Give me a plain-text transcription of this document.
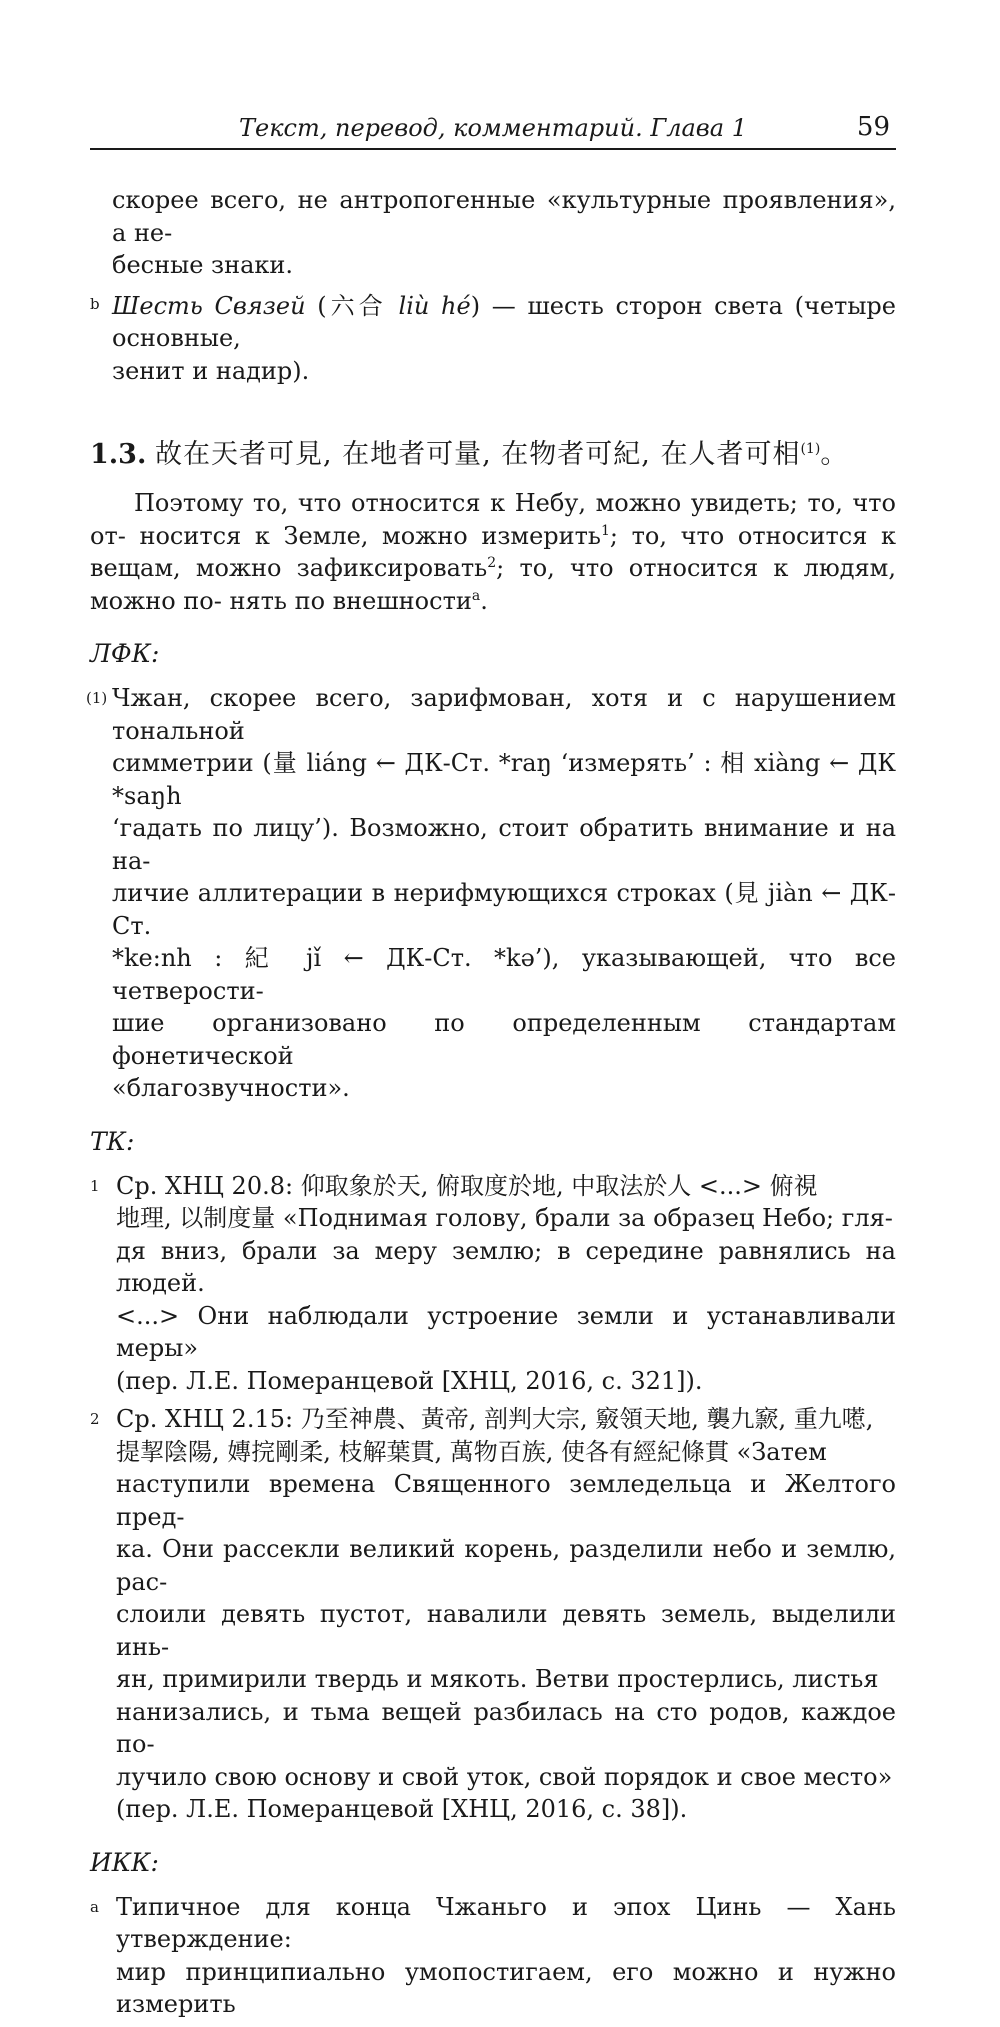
Текст, перевод, комментарий. Глава 1	59
скорее всего, не антропогенные «культурные проявления», а не-
бесные знаки.
b Шесть Связей (六合 liù hé) — шесть сторон света (четыре основные,
зенит и надир).
1.3. 故在天者可見, 在地者可量, 在物者可紀, 在人者可相$^{(1)}$。
Поэтому то, что относится к Небу, можно увидеть; то, что от- носится к Земле, можно измерить$^1$; то, что относится к вещам, можно зафиксировать$^2$; то, что относится к людям, можно по- нять по внешности$^a$.
ЛФК:
(1) Чжан, скорее всего, зарифмован, хотя и с нарушением тональной
симметрии (量 liáng ← ДК-Ст. *raŋ ‘измерять’ : 相 xiàng ← ДК *saŋh
‘гадать по лицу’). Возможно, стоит обратить внимание и на на-
личие аллитерации в нерифмующихся строках (見 jiàn ← ДК-Ст.
*ke:nh : 紀 jǐ ← ДК-Ст. *kə’), указывающей, что все четверости-
шие организовано по определенным стандартам фонетической
«благозвучности».
ТК:
1 Ср. ХНЦ 20.8: 仰取象於天, 俯取度於地, 中取法於人 <...> 俯視
地理, 以制度量 «Поднимая голову, брали за образец Небо; гля-
дя вниз, брали за меру землю; в середине равнялись на людей.
<...> Они наблюдали устроение земли и устанавливали меры»
(пер. Л.Е. Померанцевой [ХНЦ, 2016, с. 321]).
2 Ср. ХНЦ 2.15: 乃至神農、黃帝, 剖判大宗, 竅領天地, 襲九窾, 重九㘃,
提挈陰陽, 嫥捖剛柔, 枝解葉貫, 萬物百族, 使各有經紀條貫 «Затем
наступили времена Священного земледельца и Желтого пред-
ка. Они рассекли великий корень, разделили небо и землю, рас-
слоили девять пустот, навалили девять земель, выделили инь-
ян, примирили твердь и мякоть. Ветви простерлись, листья
нанизались, и тьма вещей разбилась на сто родов, каждое по-
лучило свою основу и свой уток, свой порядок и свое место»
(пер. Л.Е. Померанцевой [ХНЦ, 2016, с. 38]).
ИКК:
a Типичное для конца Чжаньго и эпох Цинь — Хань утверждение:
мир принципиально умопостигаем, его можно и нужно измерить
